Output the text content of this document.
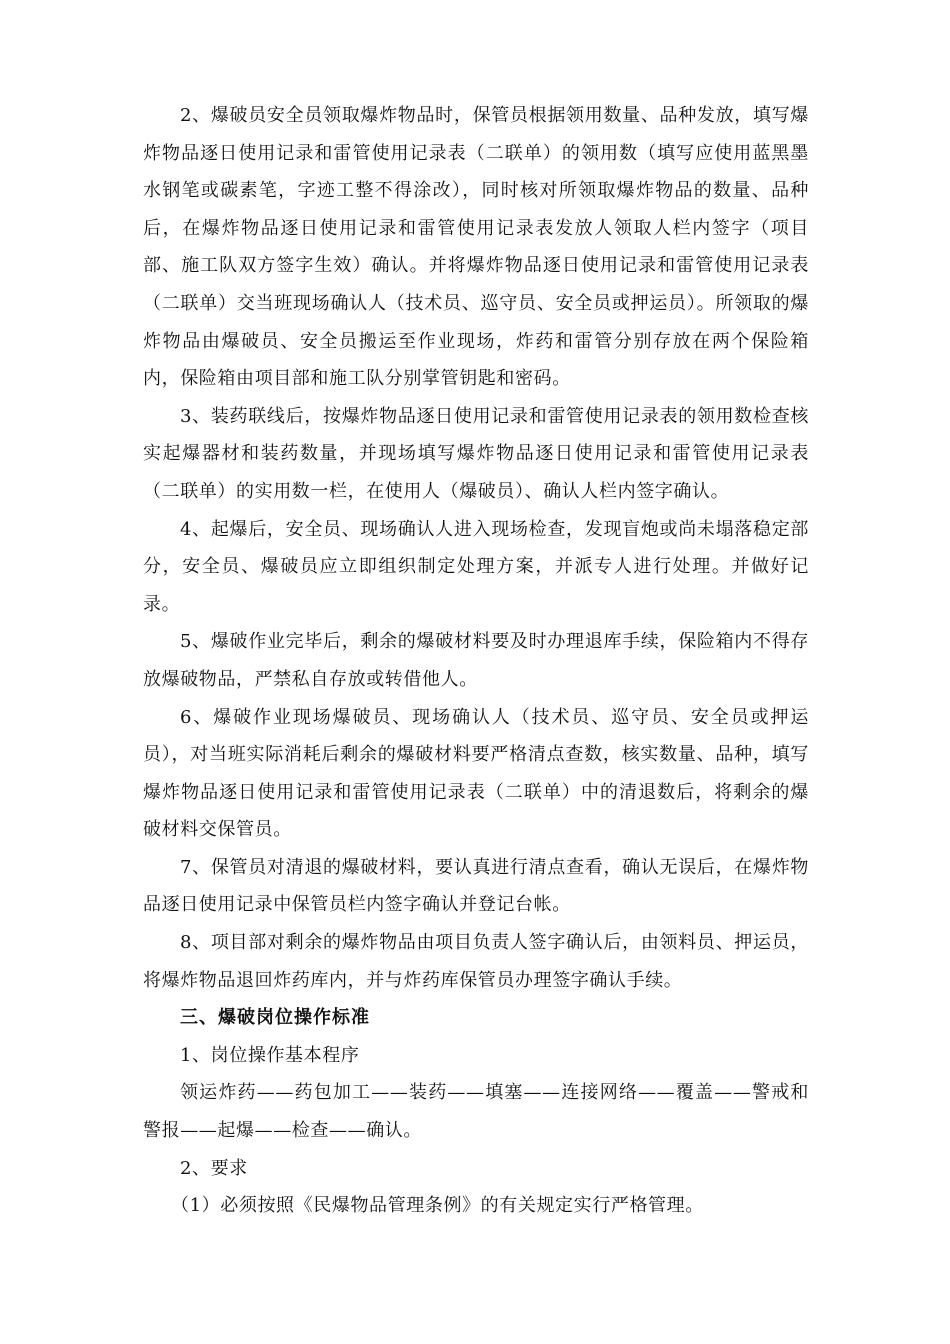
2、爆破员安全员领取爆炸物品时，保管员根据领用数量、品种发放，填写爆炸物品逐日使用记录和雷管使用记录表（二联单）的领用数（填写应使用蓝黑墨水钢笔或碳素笔，字迹工整不得涂改），同时核对所领取爆炸物品的数量、品种后，在爆炸物品逐日使用记录和雷管使用记录表发放人领取人栏内签字（项目部、施工队双方签字生效）确认。并将爆炸物品逐日使用记录和雷管使用记录表（二联单）交当班现场确认人（技术员、巡守员、安全员或押运员）。所领取的爆炸物品由爆破员、安全员搬运至作业现场，炸药和雷管分别存放在两个保险箱内，保险箱由项目部和施工队分别掌管钥匙和密码。

3、装药联线后，按爆炸物品逐日使用记录和雷管使用记录表的领用数检查核实起爆器材和装药数量，并现场填写爆炸物品逐日使用记录和雷管使用记录表（二联单）的实用数一栏，在使用人（爆破员）、确认人栏内签字确认。

4、起爆后，安全员、现场确认人进入现场检查，发现盲炮或尚未塌落稳定部分，安全员、爆破员应立即组织制定处理方案，并派专人进行处理。并做好记录。

5、爆破作业完毕后，剩余的爆破材料要及时办理退库手续，保险箱内不得存放爆破物品，严禁私自存放或转借他人。

6、爆破作业现场爆破员、现场确认人（技术员、巡守员、安全员或押运员），对当班实际消耗后剩余的爆破材料要严格清点查数，核实数量、品种，填写爆炸物品逐日使用记录和雷管使用记录表（二联单）中的清退数后，将剩余的爆破材料交保管员。

7、保管员对清退的爆破材料，要认真进行清点查看，确认无误后，在爆炸物品逐日使用记录中保管员栏内签字确认并登记台帐。

8、项目部对剩余的爆炸物品由项目负责人签字确认后，由领料员、押运员，将爆炸物品退回炸药库内，并与炸药库保管员办理签字确认手续。

三、爆破岗位操作标准

1、岗位操作基本程序

领运炸药——药包加工——装药——填塞——连接网络——覆盖——警戒和警报——起爆——检查——确认。

2、要求

（1）必须按照《民爆物品管理条例》的有关规定实行严格管理。
